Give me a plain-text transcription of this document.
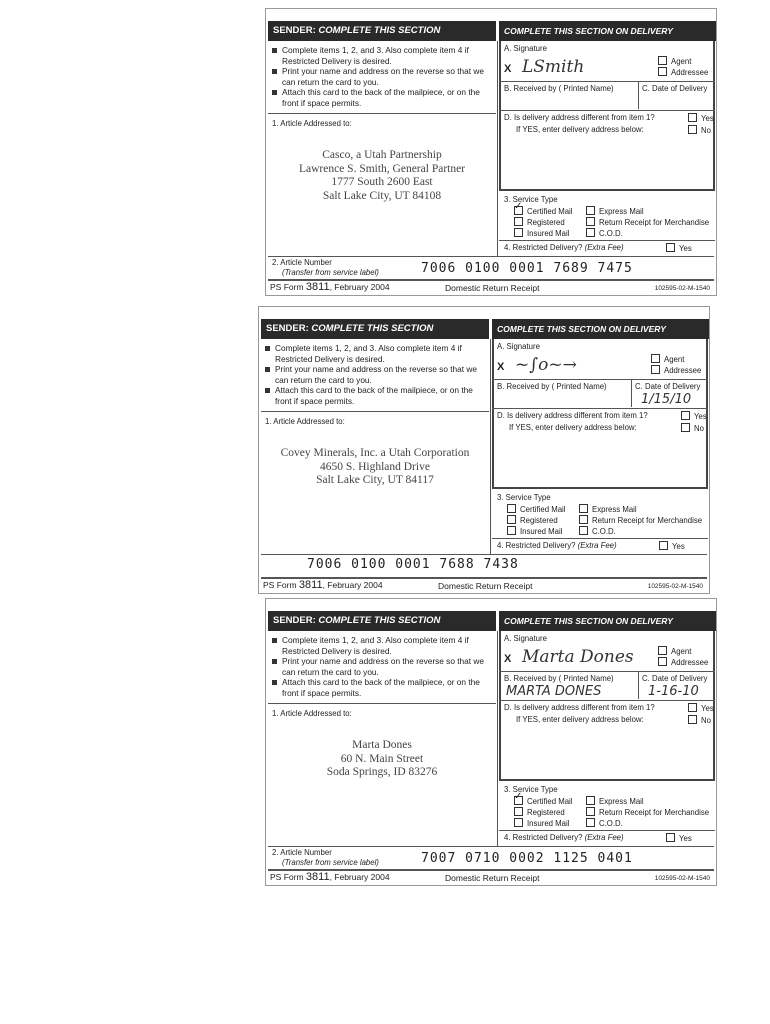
SENDER: COMPLETE THIS SECTION	COMPLETE THIS SECTION ON DELIVERY
Complete items 1, 2, and 3. Also complete item 4 if Restricted Delivery is desired.
Print your name and address on the reverse so that we can return the card to you.
Attach this card to the back of the mailpiece, or on the front if space permits.
1. Article Addressed to:
Casco, a Utah Partnership
Lawrence S. Smith, General Partner
1777 South 2600 East
Salt Lake City, UT 84108
A. Signature
X LSmith	Agent
Addressee
B. Received by ( Printed Name)	C. Date of Delivery
D. Is delivery address different from item 1?
If YES, enter delivery address below:
Yes
No
3. Service Type
✓Certified Mail	Express Mail
Registered	Return Receipt for Merchandise
Insured Mail	C.O.D.
4. Restricted Delivery? (Extra Fee)	Yes
2. Article Number
(Transfer from service label)	7006 0100 0001 7689 7475
PS Form 3811, February 2004	Domestic Return Receipt	102595-02-M-1540
SENDER: COMPLETE THIS SECTION	COMPLETE THIS SECTION ON DELIVERY
Complete items 1, 2, and 3. Also complete item 4 if Restricted Delivery is desired.
Print your name and address on the reverse so that we can return the card to you.
Attach this card to the back of the mailpiece, or on the front if space permits.
1. Article Addressed to:
Covey Minerals, Inc. a Utah Corporation
4650 S. Highland Drive
Salt Lake City, UT 84117
A. Signature
X ~∫o~→	Agent
Addressee
B. Received by ( Printed Name)	C. Date of Delivery
1/15/10
D. Is delivery address different from item 1?
If YES, enter delivery address below:
Yes
No
3. Service Type
Certified Mail	Express Mail
Registered	Return Receipt for Merchandise
Insured Mail	C.O.D.
4. Restricted Delivery? (Extra Fee)	Yes
7006 0100 0001 7688 7438
PS Form 3811, February 2004	Domestic Return Receipt	102595-02-M-1540
SENDER: COMPLETE THIS SECTION	COMPLETE THIS SECTION ON DELIVERY
Complete items 1, 2, and 3. Also complete item 4 if Restricted Delivery is desired.
Print your name and address on the reverse so that we can return the card to you.
Attach this card to the back of the mailpiece, or on the front if space permits.
1. Article Addressed to:
Marta Dones
60 N. Main Street
Soda Springs, ID 83276
A. Signature
X Marta Dones	Agent
Addressee
B. Received by ( Printed Name)
MARTA DONES
C. Date of Delivery
1-16-10
D. Is delivery address different from item 1?
If YES, enter delivery address below:
Yes
No
3. Service Type
✓Certified Mail	Express Mail
Registered	Return Receipt for Merchandise
Insured Mail	C.O.D.
4. Restricted Delivery? (Extra Fee)	Yes
2. Article Number
(Transfer from service label)	7007 0710 0002 1125 0401
PS Form 3811, February 2004	Domestic Return Receipt	102595-02-M-1540
